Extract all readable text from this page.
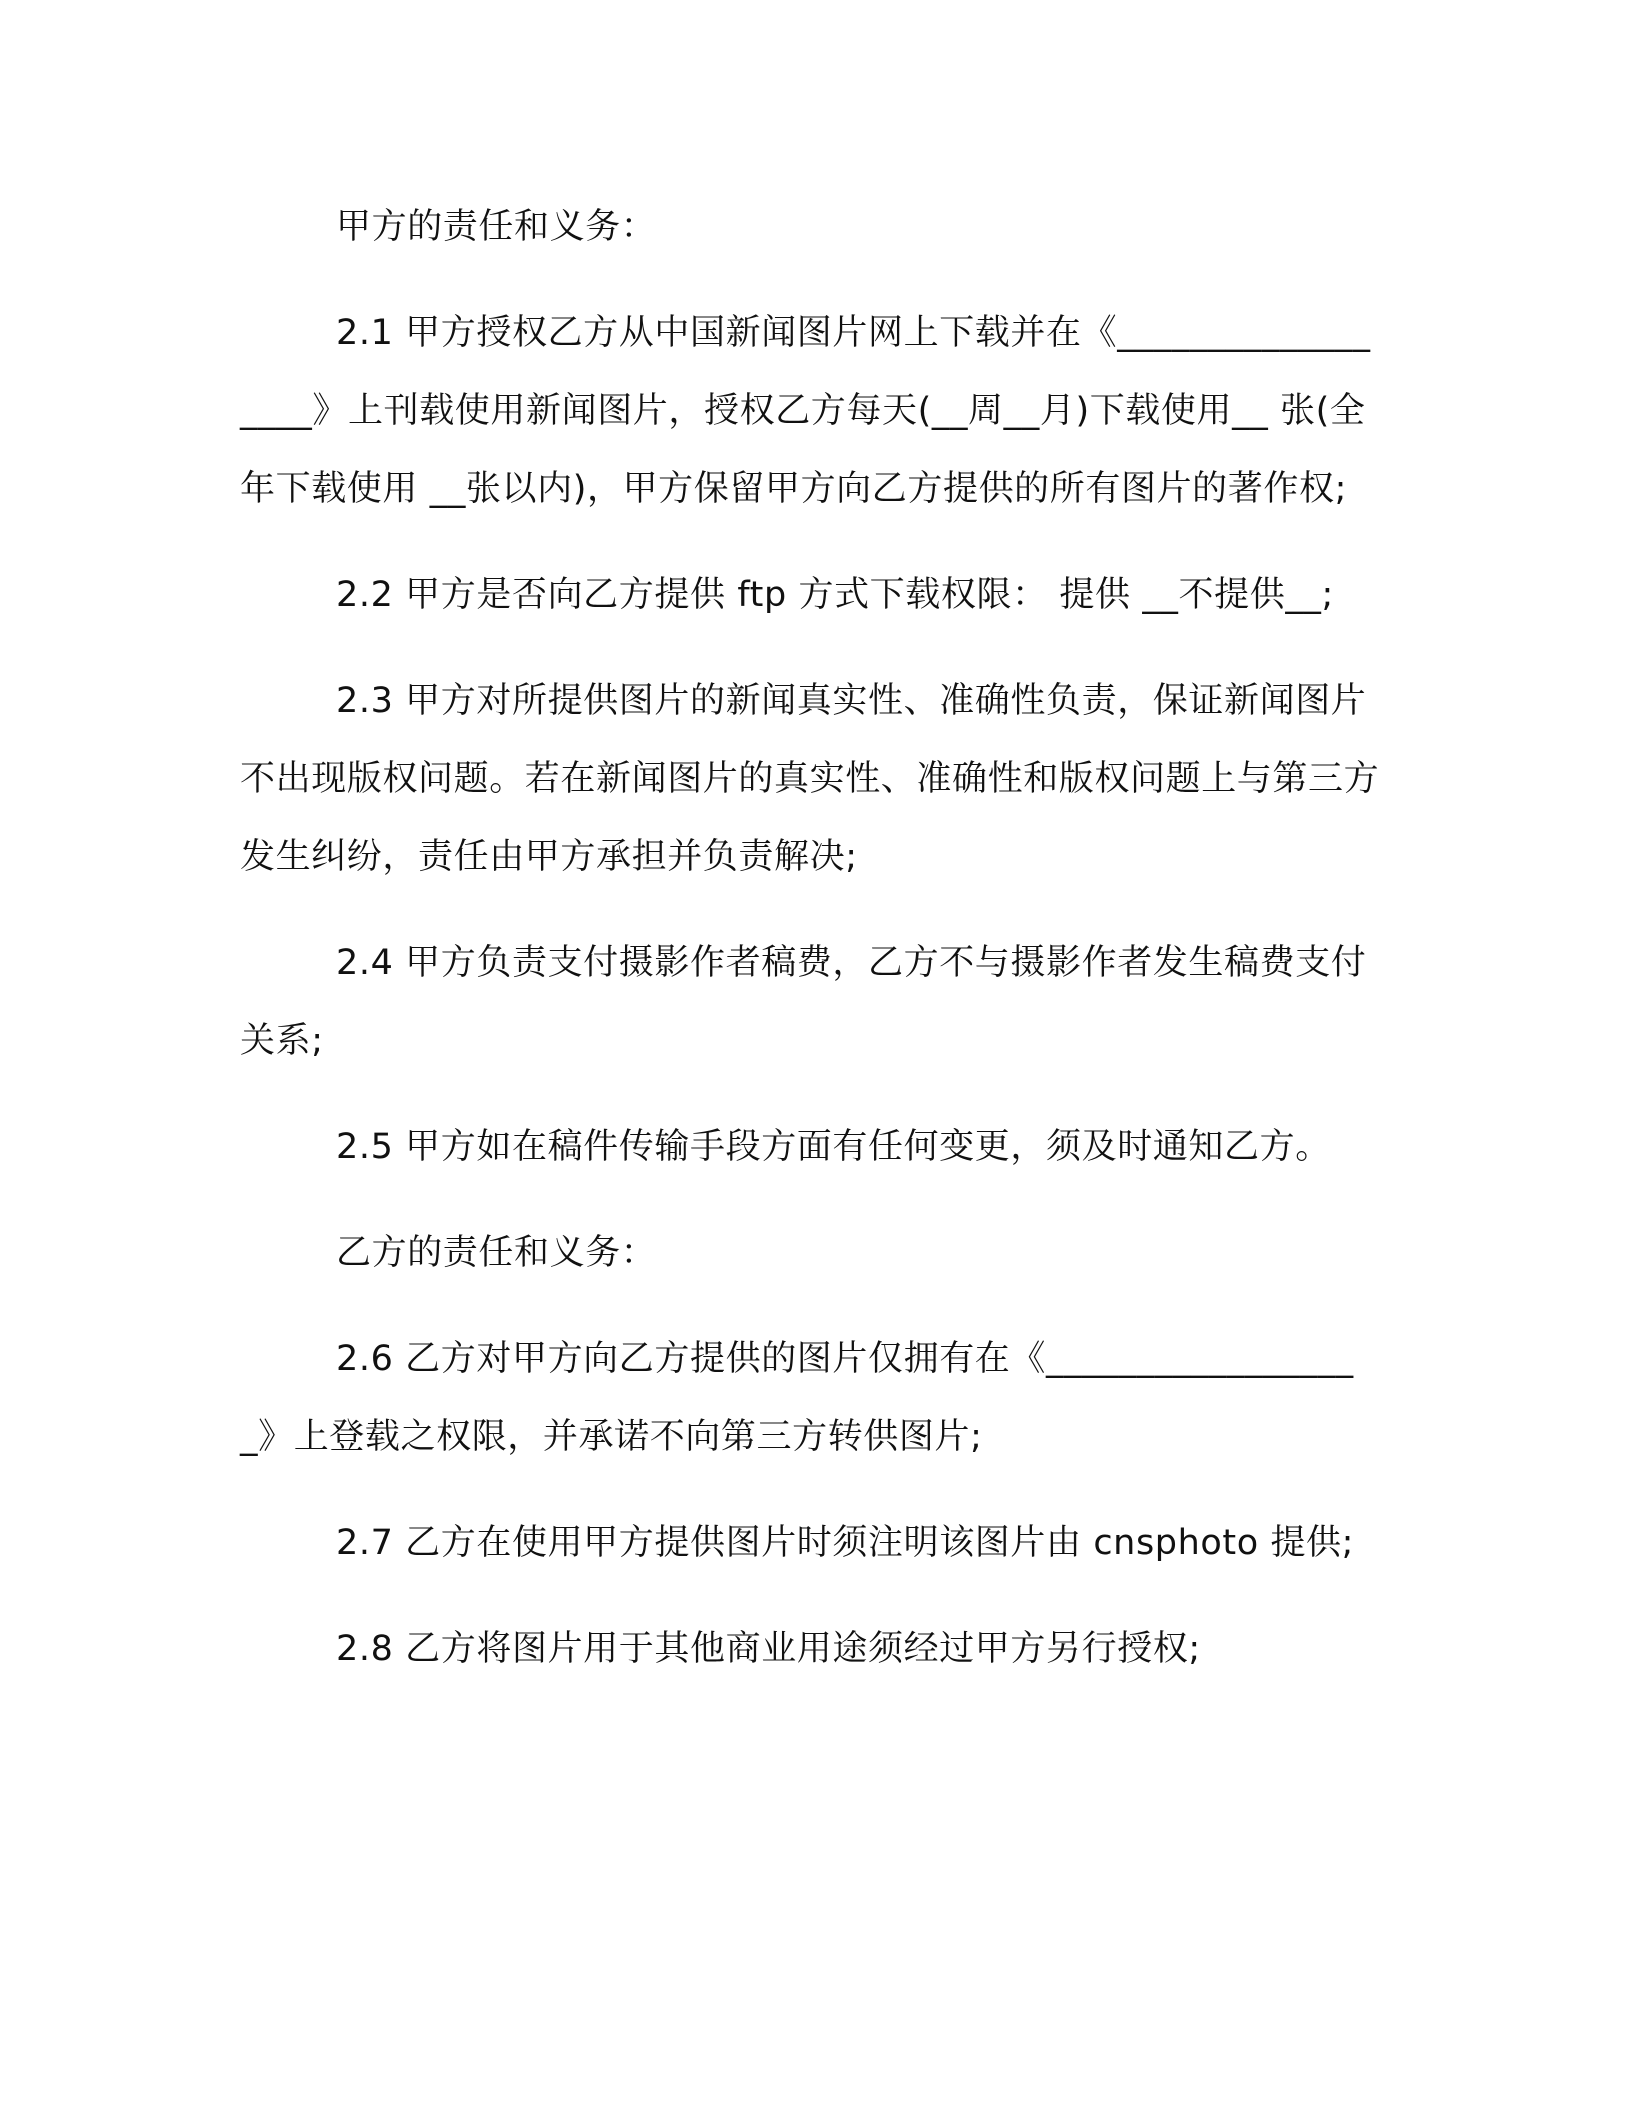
甲方的责任和义务：

2.1 甲方授权乙方从中国新闻图片网上下载并在《__________________》上刊载使用新闻图片，授权乙方每天(__周__月)下载使用__ 张(全年下载使用 __张以内)，甲方保留甲方向乙方提供的所有图片的著作权;

2.2 甲方是否向乙方提供 ftp 方式下载权限： 提供 __不提供__;

2.3 甲方对所提供图片的新闻真实性、准确性负责，保证新闻图片不出现版权问题。若在新闻图片的真实性、准确性和版权问题上与第三方发生纠纷，责任由甲方承担并负责解决;

2.4 甲方负责支付摄影作者稿费，乙方不与摄影作者发生稿费支付关系;

2.5 甲方如在稿件传输手段方面有任何变更，须及时通知乙方。

乙方的责任和义务：

2.6 乙方对甲方向乙方提供的图片仅拥有在《__________________》上登载之权限，并承诺不向第三方转供图片;

2.7 乙方在使用甲方提供图片时须注明该图片由 cnsphoto 提供;

2.8 乙方将图片用于其他商业用途须经过甲方另行授权;
